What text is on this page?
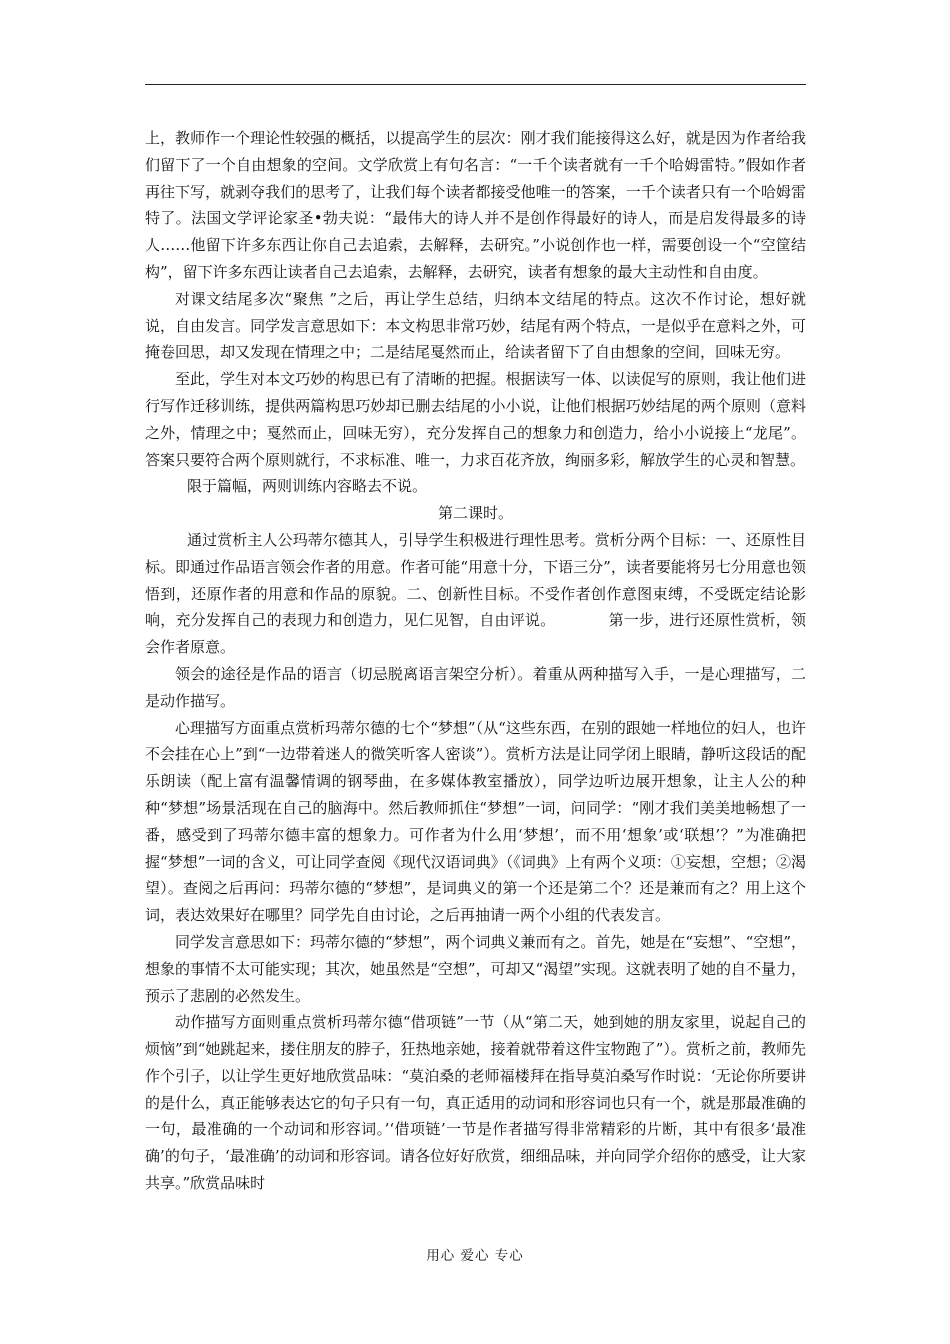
上，教师作一个理论性较强的概括，以提高学生的层次：刚才我们能接得这么好，就是因为作者给我们留下了一个自由想象的空间。文学欣赏上有句名言：“一千个读者就有一千个哈姆雷特。”假如作者再往下写，就剥夺我们的思考了，让我们每个读者都接受他唯一的答案，一千个读者只有一个哈姆雷特了。法国文学评论家圣•勃夫说：“最伟大的诗人并不是创作得最好的诗人，而是启发得最多的诗人……他留下许多东西让你自己去追索，去解释，去研究。”小说创作也一样，需要创设一个“空筐结构”，留下许多东西让读者自己去追索，去解释，去研究，读者有想象的最大主动性和自由度。

对课文结尾多次“聚焦 ”之后，再让学生总结，归纳本文结尾的特点。这次不作讨论，想好就说，自由发言。同学发言意思如下：本文构思非常巧妙，结尾有两个特点，一是似乎在意料之外，可掩卷回思，却又发现在情理之中；二是结尾戛然而止，给读者留下了自由想象的空间，回味无穷。

至此，学生对本文巧妙的构思已有了清晰的把握。根据读写一体、以读促写的原则，我让他们进行写作迁移训练，提供两篇构思巧妙却已删去结尾的小小说，让他们根据巧妙结尾的两个原则（意料之外，情理之中；戛然而止，回味无穷），充分发挥自己的想象力和创造力，给小小说接上“龙尾”。答案只要符合两个原则就行，不求标准、唯一，力求百花齐放，绚丽多彩，解放学生的心灵和智慧。

限于篇幅，两则训练内容略去不说。

第二课时。

通过赏析主人公玛蒂尔德其人，引导学生积极进行理性思考。赏析分两个目标：一、还原性目标。即通过作品语言领会作者的用意。作者可能“用意十分，下语三分”，读者要能将另七分用意也领悟到，还原作者的用意和作品的原貌。二、创新性目标。不受作者创作意图束缚，不受既定结论影响，充分发挥自己的表现力和创造力，见仁见智，自由评说。　　　　第一步，进行还原性赏析，领会作者原意。

领会的途径是作品的语言（切忌脱离语言架空分析）。着重从两种描写入手，一是心理描写，二是动作描写。

心理描写方面重点赏析玛蒂尔德的七个“梦想”（从“这些东西，在别的跟她一样地位的妇人，也许不会挂在心上”到“一边带着迷人的微笑听客人密谈”）。赏析方法是让同学闭上眼睛，静听这段话的配乐朗读（配上富有温馨情调的钢琴曲，在多媒体教室播放），同学边听边展开想象，让主人公的种种“梦想”场景活现在自己的脑海中。然后教师抓住“梦想”一词，问同学：“刚才我们美美地畅想了一番，感受到了玛蒂尔德丰富的想象力。可作者为什么用‘梦想’，而不用‘想象’或‘联想’？”为准确把握“梦想”一词的含义，可让同学查阅《现代汉语词典》（《词典》上有两个义项：①妄想，空想；②渴望）。查阅之后再问：玛蒂尔德的“梦想”，是词典义的第一个还是第二个？还是兼而有之？用上这个词，表达效果好在哪里？同学先自由讨论，之后再抽请一两个小组的代表发言。

同学发言意思如下：玛蒂尔德的“梦想”，两个词典义兼而有之。首先，她是在“妄想”、“空想”，想象的事情不太可能实现；其次，她虽然是“空想”，可却又“渴望”实现。这就表明了她的自不量力，预示了悲剧的必然发生。

动作描写方面则重点赏析玛蒂尔德“借项链”一节（从“第二天，她到她的朋友家里，说起自己的烦恼”到“她跳起来，搂住朋友的脖子，狂热地亲她，接着就带着这件宝物跑了”）。赏析之前，教师先作个引子，以让学生更好地欣赏品味：“莫泊桑的老师福楼拜在指导莫泊桑写作时说：‘无论你所要讲的是什么，真正能够表达它的句子只有一句，真正适用的动词和形容词也只有一个，就是那最准确的一句，最准确的一个动词和形容词。’‘借项链’一节是作者描写得非常精彩的片断，其中有很多‘最准确’的句子，‘最准确’的动词和形容词。请各位好好欣赏，细细品味，并向同学介绍你的感受，让大家共享。”欣赏品味时

用心 爱心 专心
